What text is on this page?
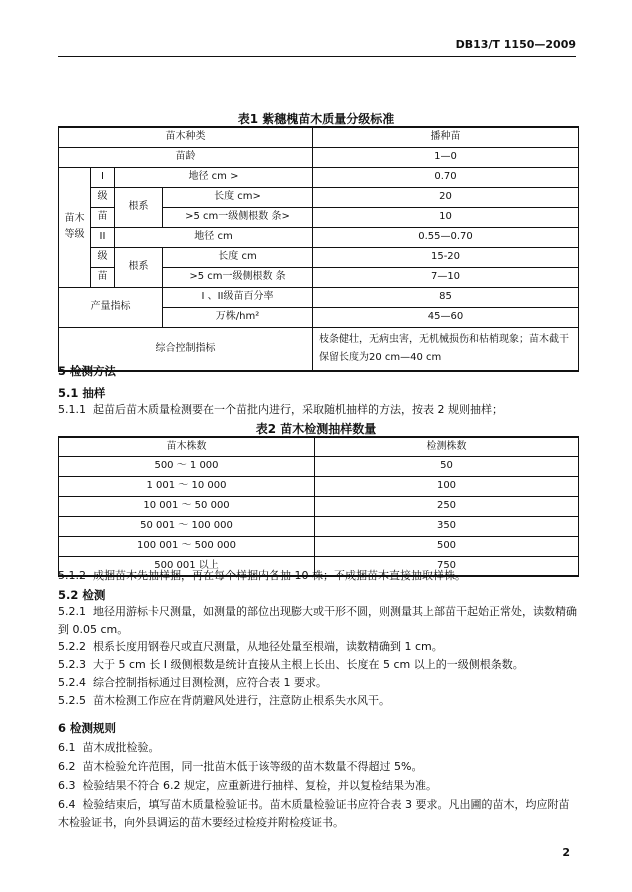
DB13/T 1150—2009
表1 紫穗槐苗木质量分级标准
苗木种类				播种苗
苗龄				1—0
苗木
等级	I	地径 cm >		0.70
	级	根系	长度 cm>	20
	苗		>5 cm一级侧根数 条>	10
	II	地径 cm		0.55—0.70
	级	根系	长度 cm	15-20
	苗		>5 cm一级侧根数 条	7—10
产量指标			I 、II级苗百分率	85
			万株/hm²	45—60
综合控制指标				枝条健壮，无病虫害，无机械损伤和枯梢现象；苗木截干保留长度为20 cm—40 cm
5 检测方法
5.1 抽样
5.1.1 起苗后苗木质量检测要在一个苗批内进行，采取随机抽样的方法，按表 2 规则抽样；
表2 苗木检测抽样数量
苗木株数	检测株数
500 ～ 1 000	50
1 001 ～ 10 000	100
10 001 ～ 50 000	250
50 001 ～ 100 000	350
100 001 ～ 500 000	500
500 001 以上	750
5.1.2 成捆苗木先抽样捆，再在每个样捆内各抽 10 株；不成捆苗木直接抽取样株。
5.2 检测
5.2.1 地径用游标卡尺测量，如测量的部位出现膨大或干形不圆，则测量其上部苗干起始正常处，读数精确到 0.05 cm。
5.2.2 根系长度用钢卷尺或直尺测量，从地径处量至根端，读数精确到 1 cm。
5.2.3 大于 5 cm 长 I 级侧根数是统计直接从主根上长出、长度在 5 cm 以上的一级侧根条数。
5.2.4 综合控制指标通过目测检测，应符合表 1 要求。
5.2.5 苗木检测工作应在背荫避风处进行，注意防止根系失水风干。
6 检测规则
6.1 苗木成批检验。
6.2 苗木检验允许范围，同一批苗木低于该等级的苗木数量不得超过 5%。
6.3 检验结果不符合 6.2 规定，应重新进行抽样、复检，并以复检结果为准。
6.4 检验结束后，填写苗木质量检验证书。苗木质量检验证书应符合表 3 要求。凡出圃的苗木，均应附苗木检验证书，向外县调运的苗木要经过检疫并附检疫证书。
2
